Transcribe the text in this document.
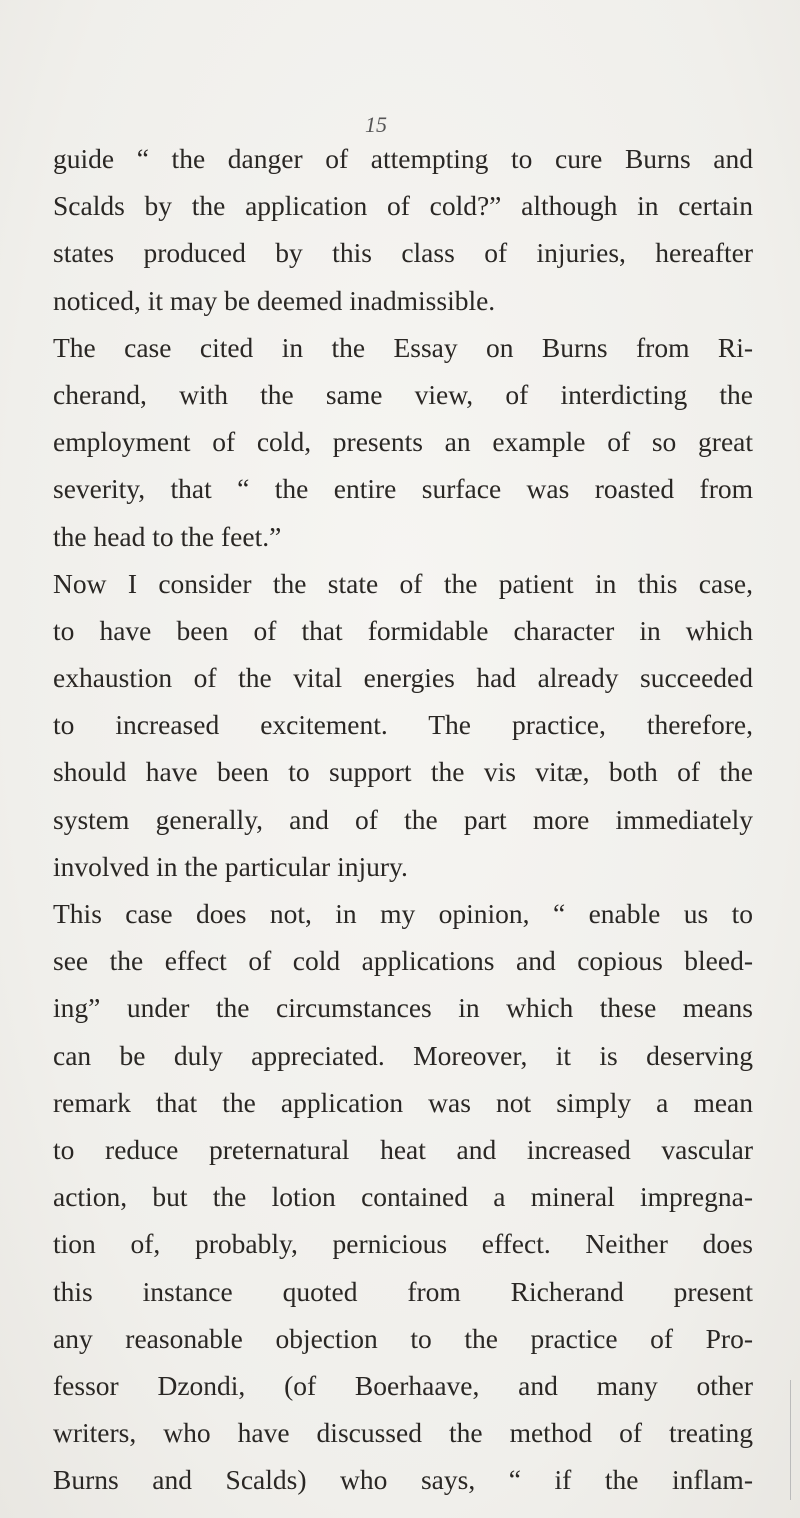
15
guide “ the danger of attempting to cure Burns and
Scalds by the application of cold?” although in certain
states produced by this class of injuries, hereafter
noticed, it may be deemed inadmissible.
The case cited in the Essay on Burns from Ri-
cherand, with the same view, of interdicting the
employment of cold, presents an example of so great
severity, that “ the entire surface was roasted from
the head to the feet.”
Now I consider the state of the patient in this case,
to have been of that formidable character in which
exhaustion of the vital energies had already succeeded
to increased excitement. The practice, therefore,
should have been to support the vis vitæ, both of the
system generally, and of the part more immediately
involved in the particular injury.
This case does not, in my opinion, “ enable us to
see the effect of cold applications and copious bleed-
ing” under the circumstances in which these means
can be duly appreciated. Moreover, it is deserving
remark that the application was not simply a mean
to reduce preternatural heat and increased vascular
action, but the lotion contained a mineral impregna-
tion of, probably, pernicious effect. Neither does
this instance quoted from Richerand present
any reasonable objection to the practice of Pro-
fessor Dzondi, (of Boerhaave, and many other
writers, who have discussed the method of treating
Burns and Scalds) who says, “ if the inflam-
